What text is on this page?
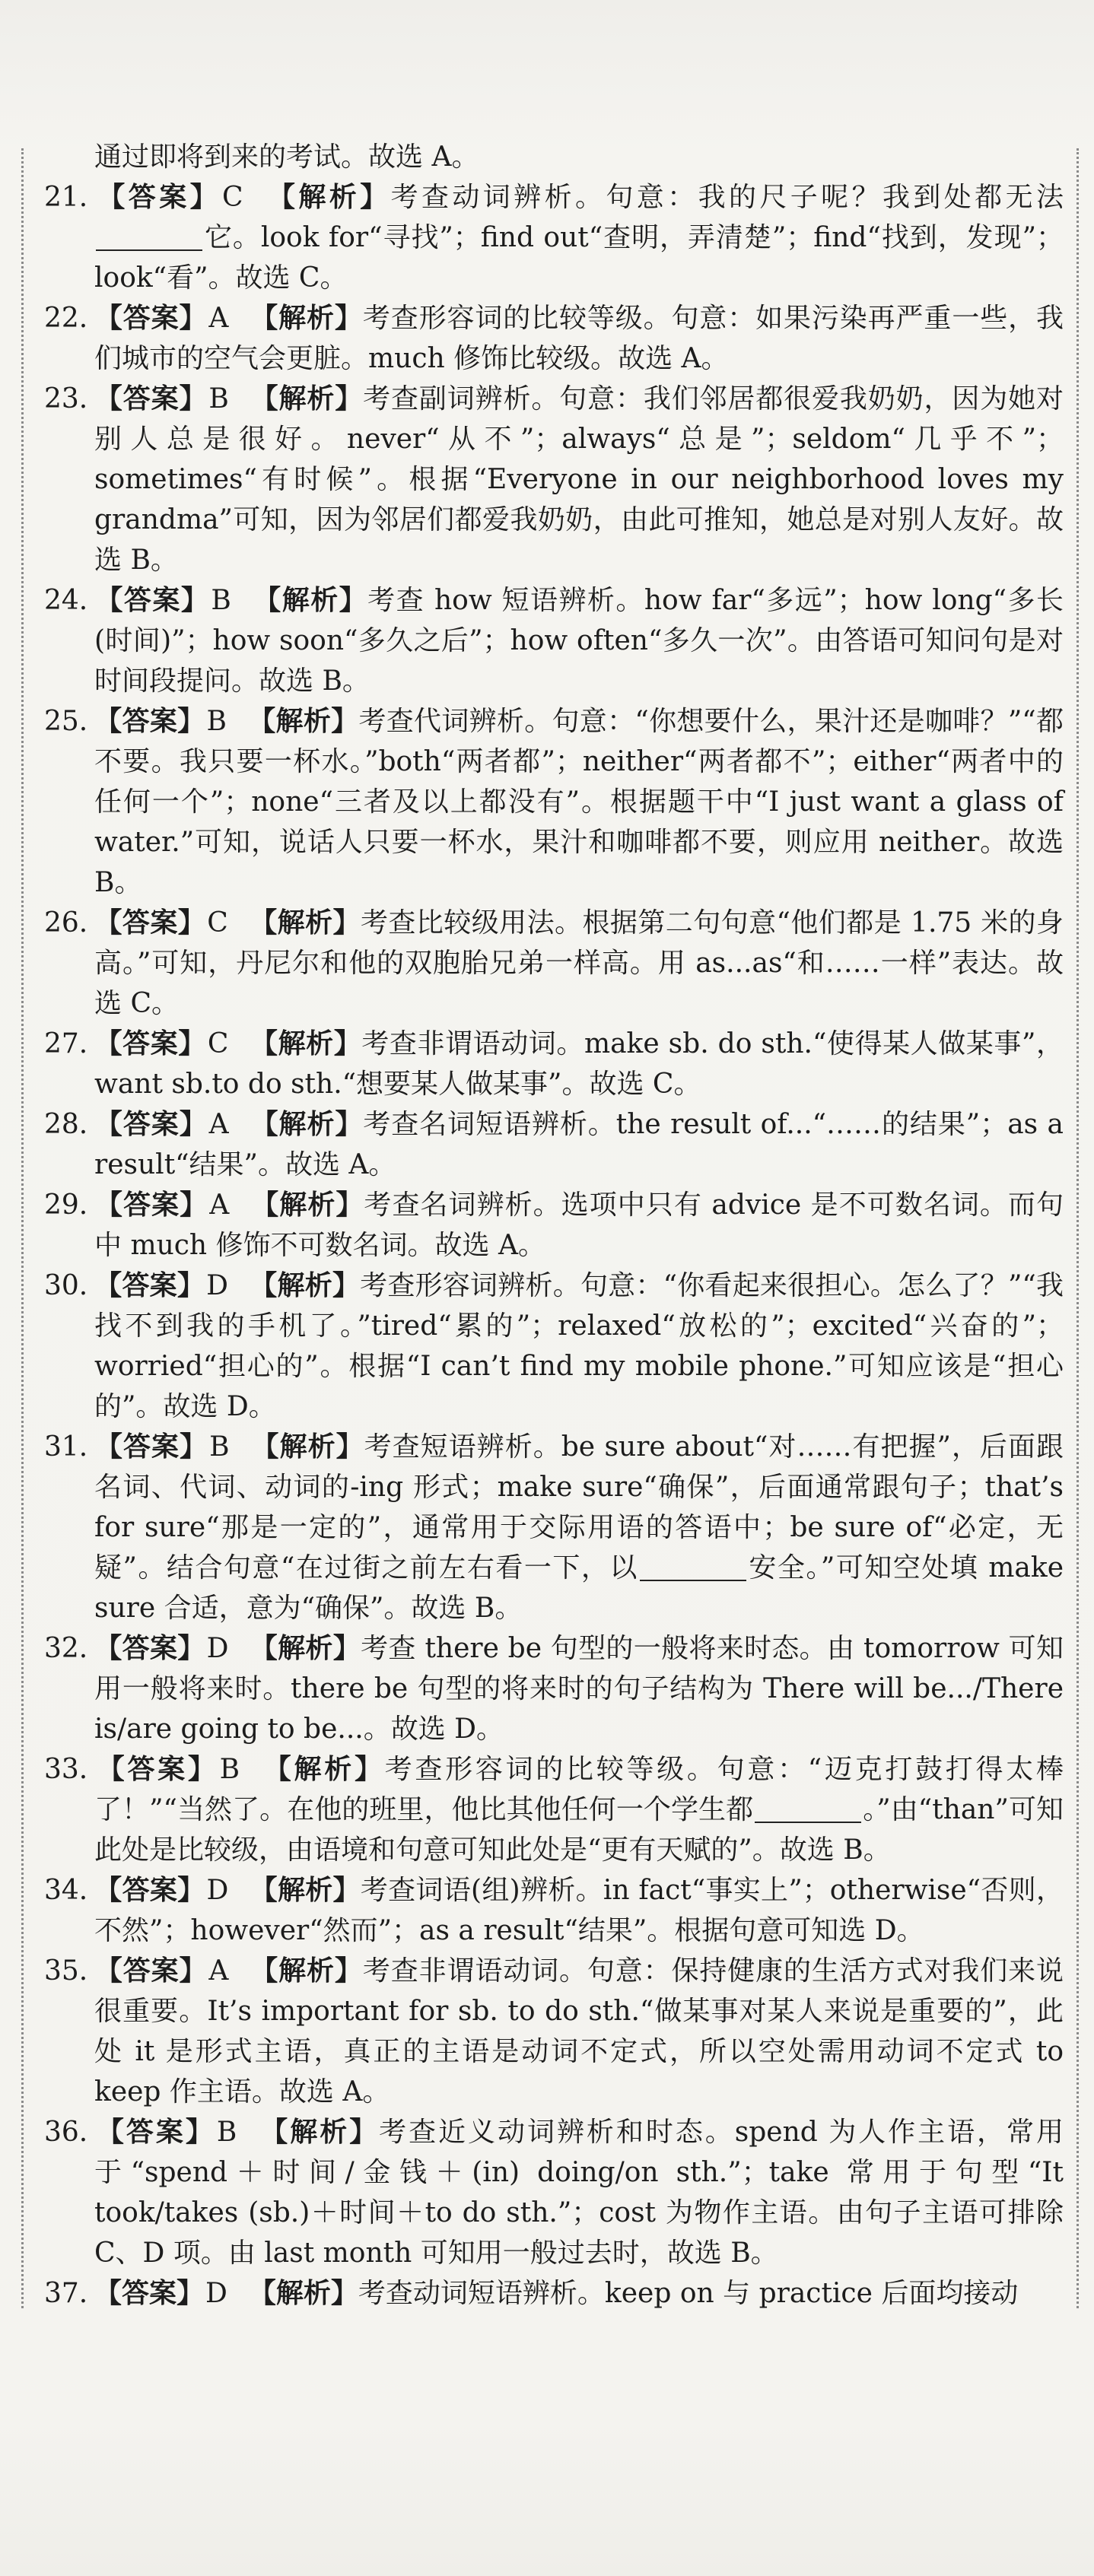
通过即将到来的考试。故选 A。

21. 【答案】C 【解析】考查动词辨析。句意：我的尺子呢？我到处都无法它。look for“寻找”；find out“查明，弄清楚”；find“找到，发现”；look“看”。故选 C。

22. 【答案】A 【解析】考查形容词的比较等级。句意：如果污染再严重一些，我们城市的空气会更脏。much 修饰比较级。故选 A。

23. 【答案】B 【解析】考查副词辨析。句意：我们邻居都很爱我奶奶，因为她对别人总是很好。never“从不”；always“总是”；seldom“几乎不”；sometimes“有时候”。根据“Everyone in our neighborhood loves my grandma”可知，因为邻居们都爱我奶奶，由此可推知，她总是对别人友好。故选 B。

24. 【答案】B 【解析】考查 how 短语辨析。how far“多远”；how long“多长(时间)”；how soon“多久之后”；how often“多久一次”。由答语可知问句是对时间段提问。故选 B。

25. 【答案】B 【解析】考查代词辨析。句意：“你想要什么，果汁还是咖啡？”“都不要。我只要一杯水。”both“两者都”；neither“两者都不”；either“两者中的任何一个”；none“三者及以上都没有”。根据题干中“I just want a glass of water.”可知，说话人只要一杯水，果汁和咖啡都不要，则应用 neither。故选 B。

26. 【答案】C 【解析】考查比较级用法。根据第二句句意“他们都是 1.75 米的身高。”可知，丹尼尔和他的双胞胎兄弟一样高。用 as...as“和……一样”表达。故选 C。

27. 【答案】C 【解析】考查非谓语动词。make sb. do sth.“使得某人做某事”，want sb.to do sth.“想要某人做某事”。故选 C。

28. 【答案】A 【解析】考查名词短语辨析。the result of...“……的结果”；as a result“结果”。故选 A。

29. 【答案】A 【解析】考查名词辨析。选项中只有 advice 是不可数名词。而句中 much 修饰不可数名词。故选 A。

30. 【答案】D 【解析】考查形容词辨析。句意：“你看起来很担心。怎么了？”“我找不到我的手机了。”tired“累的”；relaxed“放松的”；excited“兴奋的”；worried“担心的”。根据“I can’t find my mobile phone.”可知应该是“担心的”。故选 D。

31. 【答案】B 【解析】考查短语辨析。be sure about“对……有把握”，后面跟名词、代词、动词的-ing 形式；make sure“确保”，后面通常跟句子；that’s for sure“那是一定的”，通常用于交际用语的答语中；be sure of“必定，无疑”。结合句意“在过街之前左右看一下，以	安全。”可知空处填 make sure 合适，意为“确保”。故选 B。

32. 【答案】D 【解析】考查 there be 句型的一般将来时态。由 tomorrow 可知用一般将来时。there be 句型的将来时的句子结构为 There will be.../There is/are going to be...。故选 D。

33. 【答案】B 【解析】考查形容词的比较等级。句意：“迈克打鼓打得太棒了！”“当然了。在他的班里，他比其他任何一个学生都	。”由“than”可知此处是比较级，由语境和句意可知此处是“更有天赋的”。故选 B。

34. 【答案】D 【解析】考查词语(组)辨析。in fact“事实上”；otherwise“否则，不然”；however“然而”；as a result“结果”。根据句意可知选 D。

35. 【答案】A 【解析】考查非谓语动词。句意：保持健康的生活方式对我们来说很重要。It’s important for sb. to do sth.“做某事对某人来说是重要的”，此处 it 是形式主语，真正的主语是动词不定式，所以空处需用动词不定式 to keep 作主语。故选 A。

36. 【答案】B 【解析】考查近义动词辨析和时态。spend 为人作主语，常用于“spend＋时间/金钱＋(in) doing/on sth.”；take 常用于句型“It took/takes (sb.)＋时间＋to do sth.”；cost 为物作主语。由句子主语可排除 C、D 项。由 last month 可知用一般过去时，故选 B。

37. 【答案】D 【解析】考查动词短语辨析。keep on 与 practice 后面均接动
